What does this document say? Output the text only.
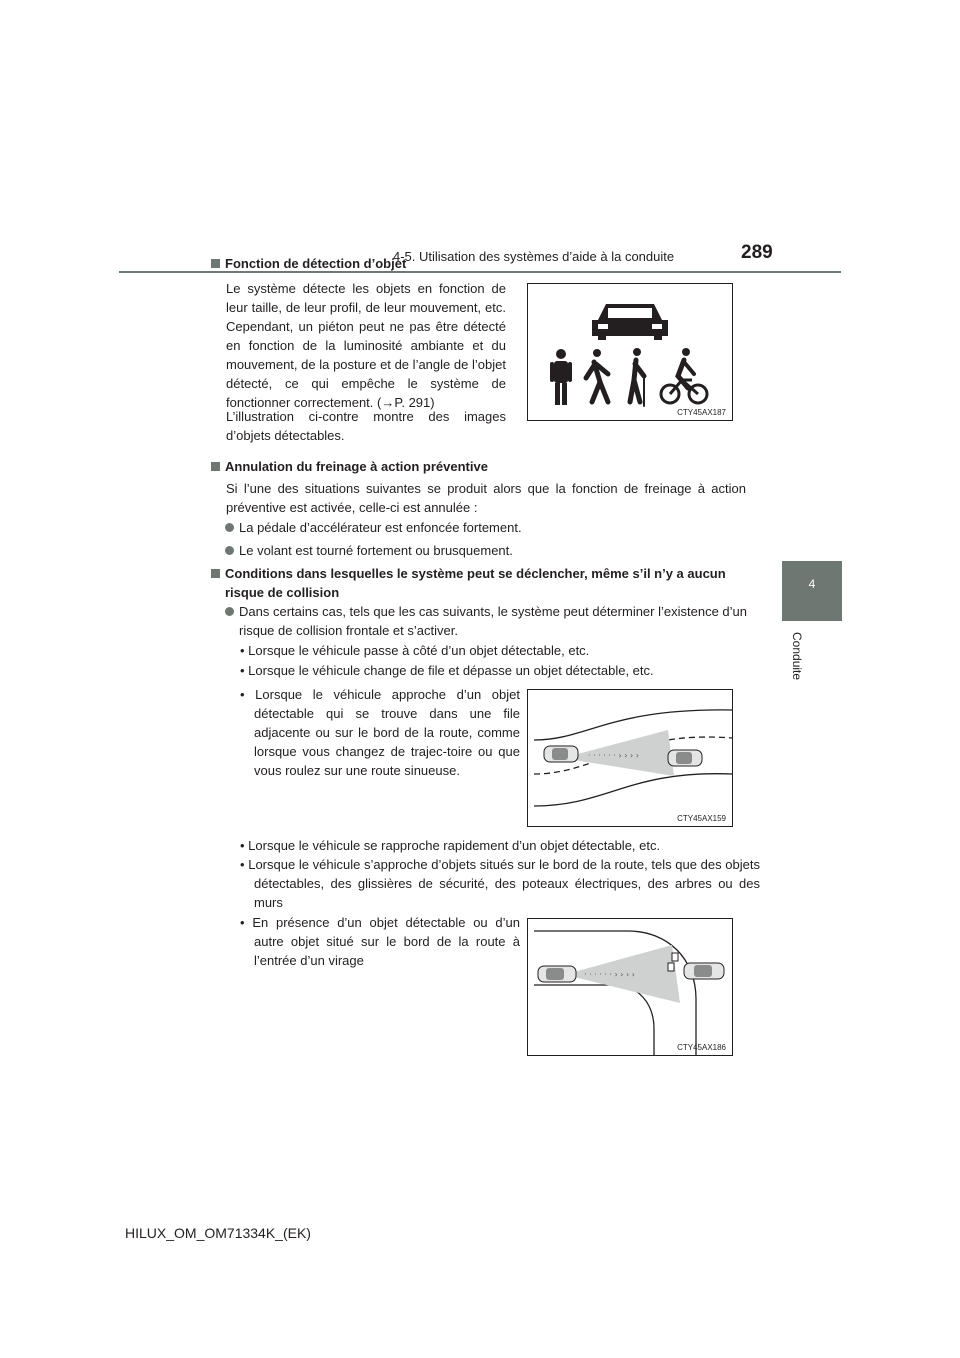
4-5. Utilisation des systèmes d’aide à la conduite	289
4
Conduite
Fonction de détection d’objet
Le système détecte les objets en fonction de leur taille, de leur profil, de leur mouvement, etc. Cependant, un piéton peut ne pas être détecté en fonction de la luminosité ambiante et du mouvement, de la posture et de l’angle de l’objet détecté, ce qui empêche le système de fonctionner correctement. (→P. 291)
L’illustration ci-contre montre des images d’objets détectables.
CTY45AX187
Annulation du freinage à action préventive
Si l’une des situations suivantes se produit alors que la fonction de freinage à action préventive est activée, celle-ci est annulée :
La pédale d’accélérateur est enfoncée fortement.
Le volant est tourné fortement ou brusquement.
Conditions dans lesquelles le système peut se déclencher, même s’il n’y a aucun
risque de collision
Dans certains cas, tels que les cas suivants, le système peut déterminer l’existence d’un risque de collision frontale et s’activer.
• Lorsque le véhicule passe à côté d’un objet détectable, etc.
• Lorsque le véhicule change de file et dépasse un objet détectable, etc.
• Lorsque le véhicule approche d’un objet détectable qui se trouve dans une file adjacente ou sur le bord de la route, comme lorsque vous changez de trajec-toire ou que vous roulez sur une route sinueuse.
· · · · · · › › › ›
CTY45AX159
• Lorsque le véhicule se rapproche rapidement d’un objet détectable, etc.
• Lorsque le véhicule s’approche d’objets situés sur le bord de la route, tels que des objets détectables, des glissières de sécurité, des poteaux électriques, des arbres ou des murs
• En présence d’un objet détectable ou d’un autre objet situé sur le bord de la route à l’entrée d’un virage
· · · · · · › › › ›
CTY45AX186
HILUX_OM_OM71334K_(EK)
